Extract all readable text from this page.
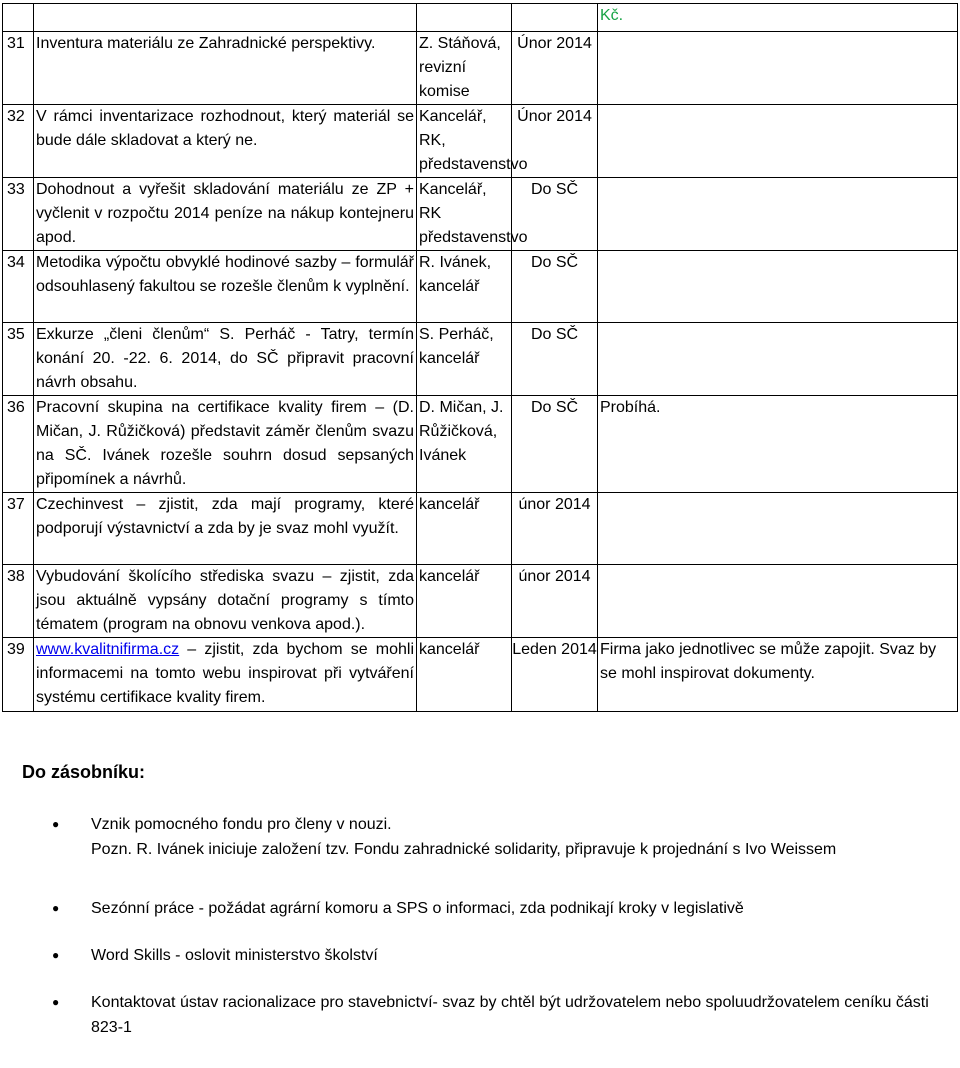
				Kč.
31	Inventura materiálu ze Zahradnické perspektivy.	Z. Stáňová, revizní komise	Únor 2014	
32	V rámci inventarizace rozhodnout, který materiál se bude dále skladovat a který ne.	Kancelář, RK, představenstvo	Únor 2014	
33	Dohodnout a vyřešit skladování materiálu ze ZP + vyčlenit v rozpočtu 2014 peníze na nákup kontejneru apod.	Kancelář, RK představenstvo	Do SČ	
34	Metodika výpočtu obvyklé hodinové sazby – formulář odsouhlasený fakultou se rozešle členům k vyplnění.	R. Ivánek, kancelář	Do SČ	
35	Exkurze „členi členům“ S. Perháč - Tatry, termín konání 20. -22. 6. 2014, do SČ připravit pracovní návrh obsahu.	S. Perháč, kancelář	Do SČ	
36	Pracovní skupina na certifikace kvality firem – (D. Mičan, J. Růžičková) představit záměr členům svazu na SČ. Ivánek rozešle souhrn dosud sepsaných připomínek a návrhů.	D. Mičan, J. Růžičková, Ivánek	Do SČ	Probíhá.
37	Czechinvest – zjistit, zda mají programy, které podporují výstavnictví a zda by je svaz mohl využít.	kancelář	únor 2014	
38	Vybudování školícího střediska svazu – zjistit, zda jsou aktuálně vypsány dotační programy s tímto tématem (program na obnovu venkova apod.).	kancelář	únor 2014	
39	www.kvalitnifirma.cz – zjistit, zda bychom se mohli informacemi na tomto webu inspirovat při vytváření systému certifikace kvality firem.	kancelář	Leden 2014	Firma jako jednotlivec se může zapojit. Svaz by se mohl inspirovat dokumenty.
Do zásobníku:
● Vznik pomocného fondu pro členy v nouzi.
Pozn. R. Ivánek iniciuje založení tzv. Fondu zahradnické solidarity, připravuje k projednání s Ivo Weissem
● Sezónní práce - požádat agrární komoru a SPS o informaci, zda podnikají kroky v legislativě
● Word Skills - oslovit ministerstvo školství
● Kontaktovat ústav racionalizace pro stavebnictví- svaz by chtěl být udržovatelem nebo spoluudržovatelem ceníku části 823-1
